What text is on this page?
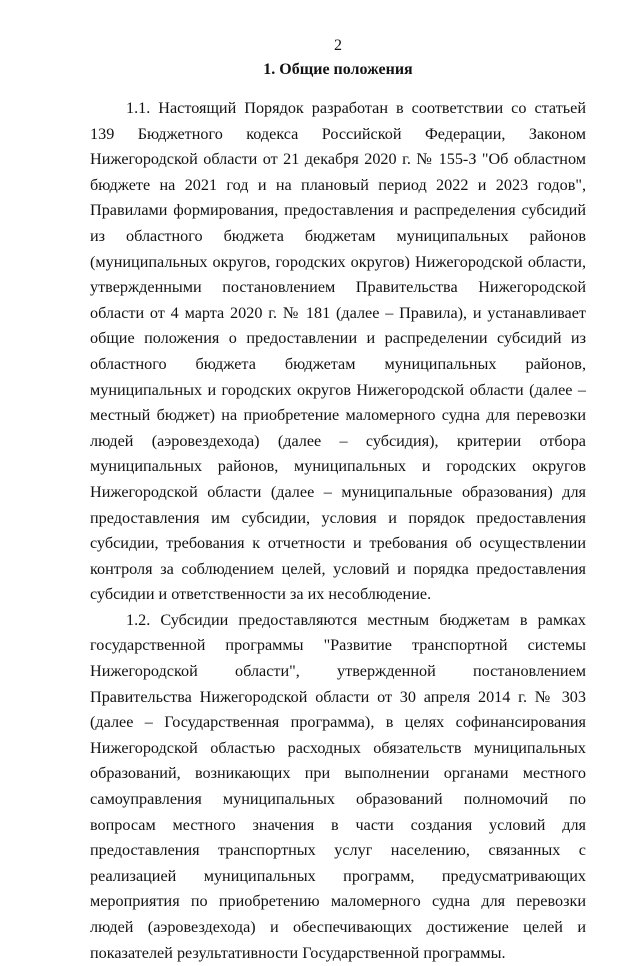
2
1. Общие положения

1.1. Настоящий Порядок разработан в соответствии со статьей 139 Бюджетного кодекса Российской Федерации, Законом Нижегородской области от 21 декабря 2020 г. № 155-З "Об областном бюджете на 2021 год и на плановый период 2022 и 2023 годов", Правилами формирования, предоставления и распределения субсидий из областного бюджета бюджетам муниципальных районов (муниципальных округов, городских округов) Нижегородской области, утвержденными постановлением Правительства Нижегородской области от 4 марта 2020 г. № 181 (далее – Правила), и устанавливает общие положения о предоставлении и распределении субсидий из областного бюджета бюджетам муниципальных районов, муниципальных и городских округов Нижегородской области (далее – местный бюджет) на приобретение маломерного судна для перевозки людей (аэровездехода) (далее – субсидия), критерии отбора муниципальных районов, муниципальных и городских округов Нижегородской области (далее – муниципальные образования) для предоставления им субсидии, условия и порядок предоставления субсидии, требования к отчетности и требования об осуществлении контроля за соблюдением целей, условий и порядка предоставления субсидии и ответственности за их несоблюдение.

1.2. Субсидии предоставляются местным бюджетам в рамках государственной программы "Развитие транспортной системы Нижегородской области", утвержденной постановлением Правительства Нижегородской области от 30 апреля 2014 г. № 303 (далее – Государственная программа), в целях софинансирования Нижегородской областью расходных обязательств муниципальных образований, возникающих при выполнении органами местного самоуправления муниципальных образований полномочий по вопросам местного значения в части создания условий для предоставления транспортных услуг населению, связанных с реализацией муниципальных программ, предусматривающих мероприятия по приобретению маломерного судна для перевозки людей (аэровездехода) и обеспечивающих достижение целей и показателей результативности Государственной программы.
